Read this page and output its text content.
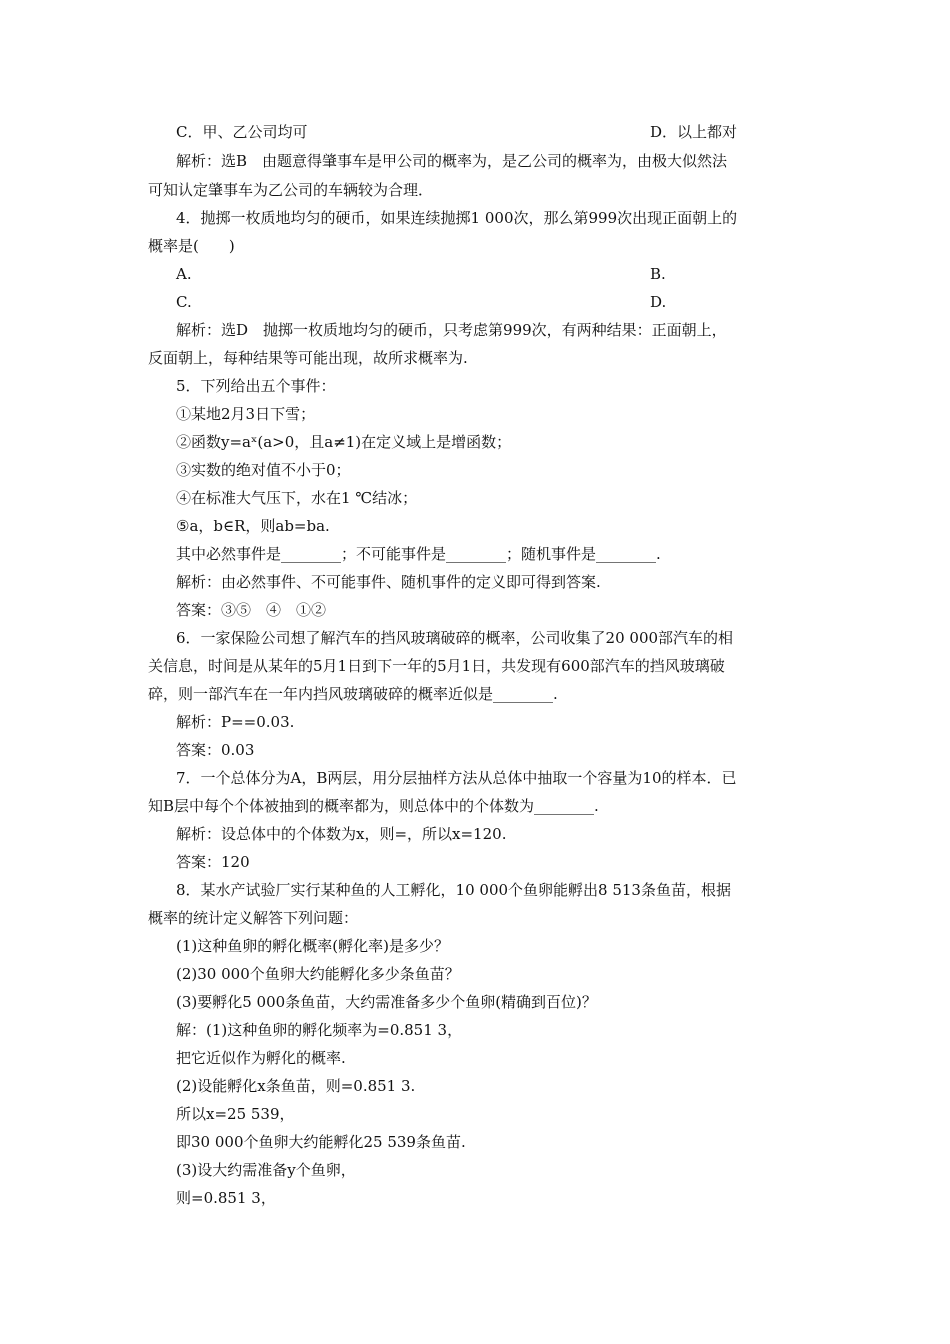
C．甲、乙公司均可	D．以上都对
解析：选B　由题意得肇事车是甲公司的概率为，是乙公司的概率为，由极大似然法
可知认定肇事车为乙公司的车辆较为合理．
4．抛掷一枚质地均匀的硬币，如果连续抛掷1 000次，那么第999次出现正面朝上的
概率是(　　)
A.	B.
C.	D.
解析：选D　抛掷一枚质地均匀的硬币，只考虑第999次，有两种结果：正面朝上，
反面朝上，每种结果等可能出现，故所求概率为.
5．下列给出五个事件：
①某地2月3日下雪；
②函数y=aˣ(a>0，且a≠1)在定义域上是增函数；
③实数的绝对值不小于0；
④在标准大气压下，水在1 ℃结冰；
⑤a，b∈R，则ab=ba.
其中必然事件是________；不可能事件是________；随机事件是________.
解析：由必然事件、不可能事件、随机事件的定义即可得到答案.
答案：③⑤　④　①②
6．一家保险公司想了解汽车的挡风玻璃破碎的概率，公司收集了20 000部汽车的相
关信息，时间是从某年的5月1日到下一年的5月1日，共发现有600部汽车的挡风玻璃破
碎，则一部汽车在一年内挡风玻璃破碎的概率近似是________.
解析：P==0.03.
答案：0.03
7．一个总体分为A，B两层，用分层抽样方法从总体中抽取一个容量为10的样本．已
知B层中每个个体被抽到的概率都为，则总体中的个体数为________.
解析：设总体中的个体数为x，则=，所以x=120.
答案：120
8．某水产试验厂实行某种鱼的人工孵化，10 000个鱼卵能孵出8 513条鱼苗，根据
概率的统计定义解答下列问题：
(1)这种鱼卵的孵化概率(孵化率)是多少？
(2)30 000个鱼卵大约能孵化多少条鱼苗？
(3)要孵化5 000条鱼苗，大约需准备多少个鱼卵(精确到百位)？
解：(1)这种鱼卵的孵化频率为=0.851 3，
把它近似作为孵化的概率.
(2)设能孵化x条鱼苗，则=0.851 3.
所以x=25 539，
即30 000个鱼卵大约能孵化25 539条鱼苗.
(3)设大约需准备y个鱼卵，
则=0.851 3，
